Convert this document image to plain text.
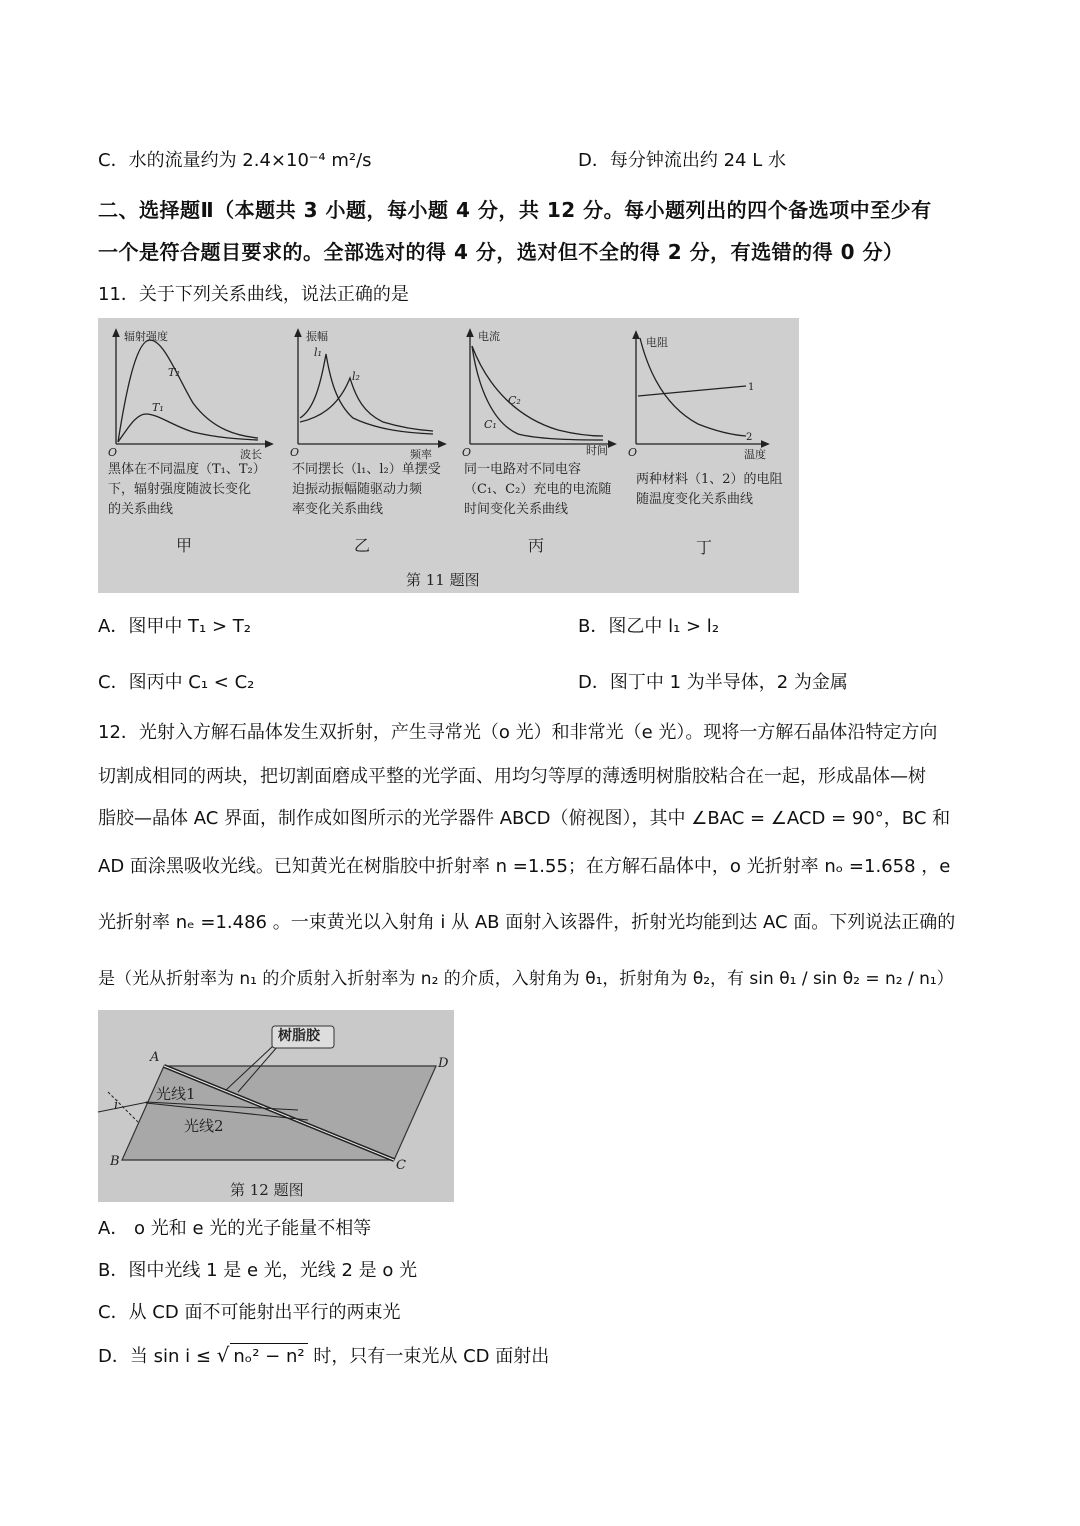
C．水的流量约为 2.4×10⁻⁴ m²/s	D．每分钟流出约 24 L 水
二、选择题Ⅱ（本题共 3 小题，每小题 4 分，共 12 分。每小题列出的四个备选项中至少有
一个是符合题目要求的。全部选对的得 4 分，选对但不全的得 2 分，有选错的得 0 分）
11．关于下列关系曲线，说法正确的是
辐射强度
波长
O
T₂
T₁
振幅
频率
O
l₁
l₂
电流
时间
O
C₂
C₁
电阻
温度
O
1
2
黑体在不同温度（T₁、T₂）
下，辐射强度随波长变化
的关系曲线
不同摆长（l₁、l₂）单摆受
迫振动振幅随驱动力频
率变化关系曲线
同一电路对不同电容
（C₁、C₂）充电的电流随
时间变化关系曲线
两种材料（1、2）的电阻
随温度变化关系曲线
甲	乙	丙	丁
第 11 题图
A．图甲中 T₁ > T₂	B．图乙中 l₁ > l₂
C．图丙中 C₁ < C₂	D．图丁中 1 为半导体，2 为金属
12．光射入方解石晶体发生双折射，产生寻常光（o 光）和非常光（e 光）。现将一方解石晶体沿特定方向
切割成相同的两块，把切割面磨成平整的光学面、用均匀等厚的薄透明树脂胶粘合在一起，形成晶体—树
脂胶—晶体 AC 界面，制作成如图所示的光学器件 ABCD（俯视图），其中 ∠BAC = ∠ACD = 90°，BC 和
AD 面涂黑吸收光线。已知黄光在树脂胶中折射率 n =1.55；在方解石晶体中，o 光折射率 nₒ =1.658 ，e
光折射率 nₑ =1.486 。一束黄光以入射角 i 从 AB 面射入该器件，折射光均能到达 AC 面。下列说法正确的
是（光从折射率为 n₁ 的介质射入折射率为 n₂ 的介质，入射角为 θ₁，折射角为 θ₂，有 sin θ₁ / sin θ₂ = n₂ / n₁）
树脂胶
A	D
B	C
i
光线1
光线2
第 12 题图
A． o 光和 e 光的光子能量不相等
B．图中光线 1 是 e 光，光线 2 是 o 光
C．从 CD 面不可能射出平行的两束光
D．当 sin i ≤ √ nₒ² − n² 时，只有一束光从 CD 面射出
